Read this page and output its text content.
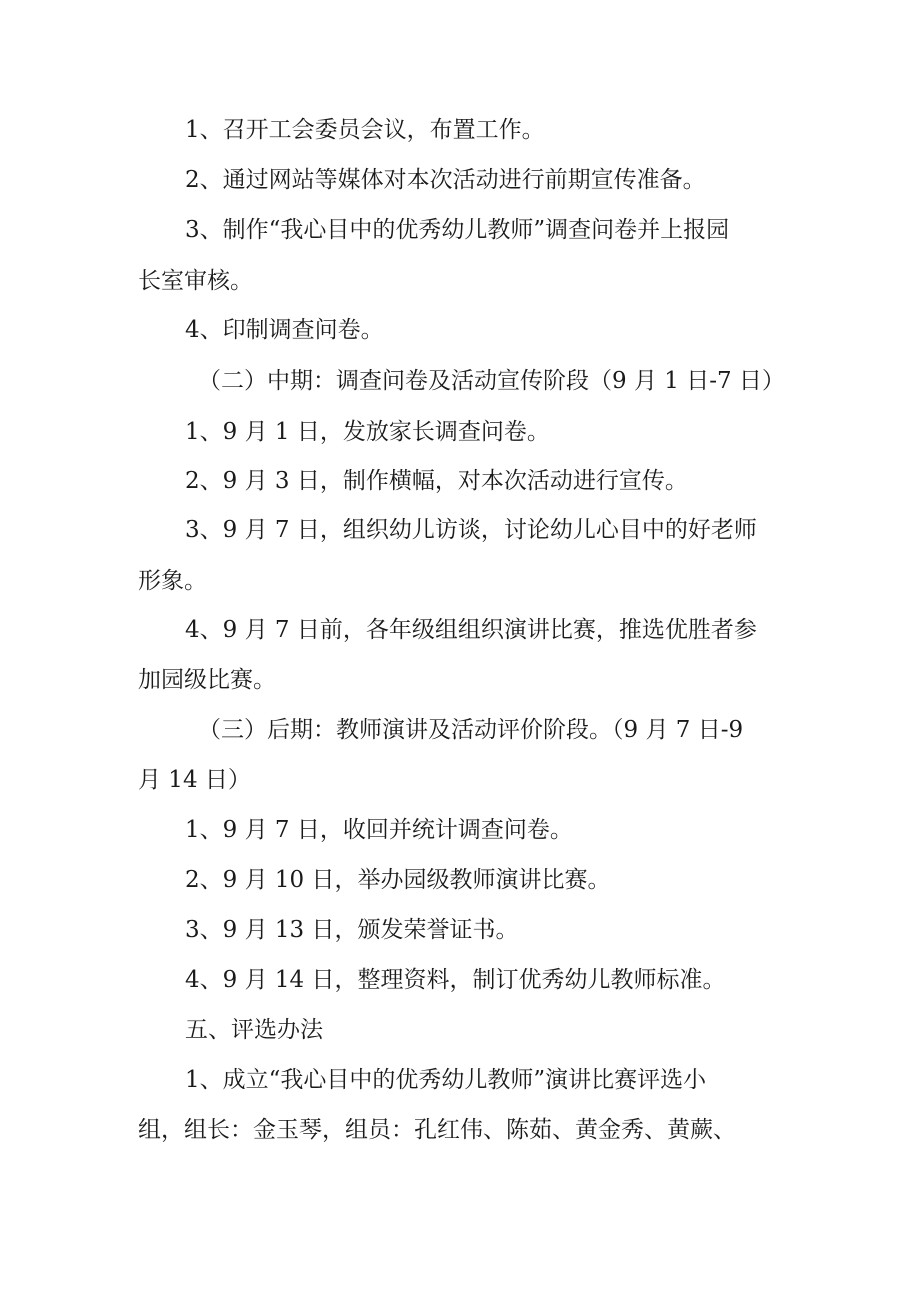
1、召开工会委员会议，布置工作。

2、通过网站等媒体对本次活动进行前期宣传准备。

3、制作“我心目中的优秀幼儿教师”调查问卷并上报园

长室审核。

4、印制调查问卷。

（二）中期：调查问卷及活动宣传阶段（9 月 1 日-7 日）

1、9 月 1 日，发放家长调查问卷。

2、9 月 3 日，制作横幅，对本次活动进行宣传。

3、9 月 7 日，组织幼儿访谈，讨论幼儿心目中的好老师

形象。

4、9 月 7 日前，各年级组组织演讲比赛，推选优胜者参

加园级比赛。

（三）后期：教师演讲及活动评价阶段。（9 月 7 日-9

月 14 日）

1、9 月 7 日，收回并统计调查问卷。

2、9 月 10 日，举办园级教师演讲比赛。

3、9 月 13 日，颁发荣誉证书。

4、9 月 14 日，整理资料，制订优秀幼儿教师标准。

五、评选办法

1、成立“我心目中的优秀幼儿教师”演讲比赛评选小

组，组长：金玉琴，组员：孔红伟、陈茹、黄金秀、黄蕨、
